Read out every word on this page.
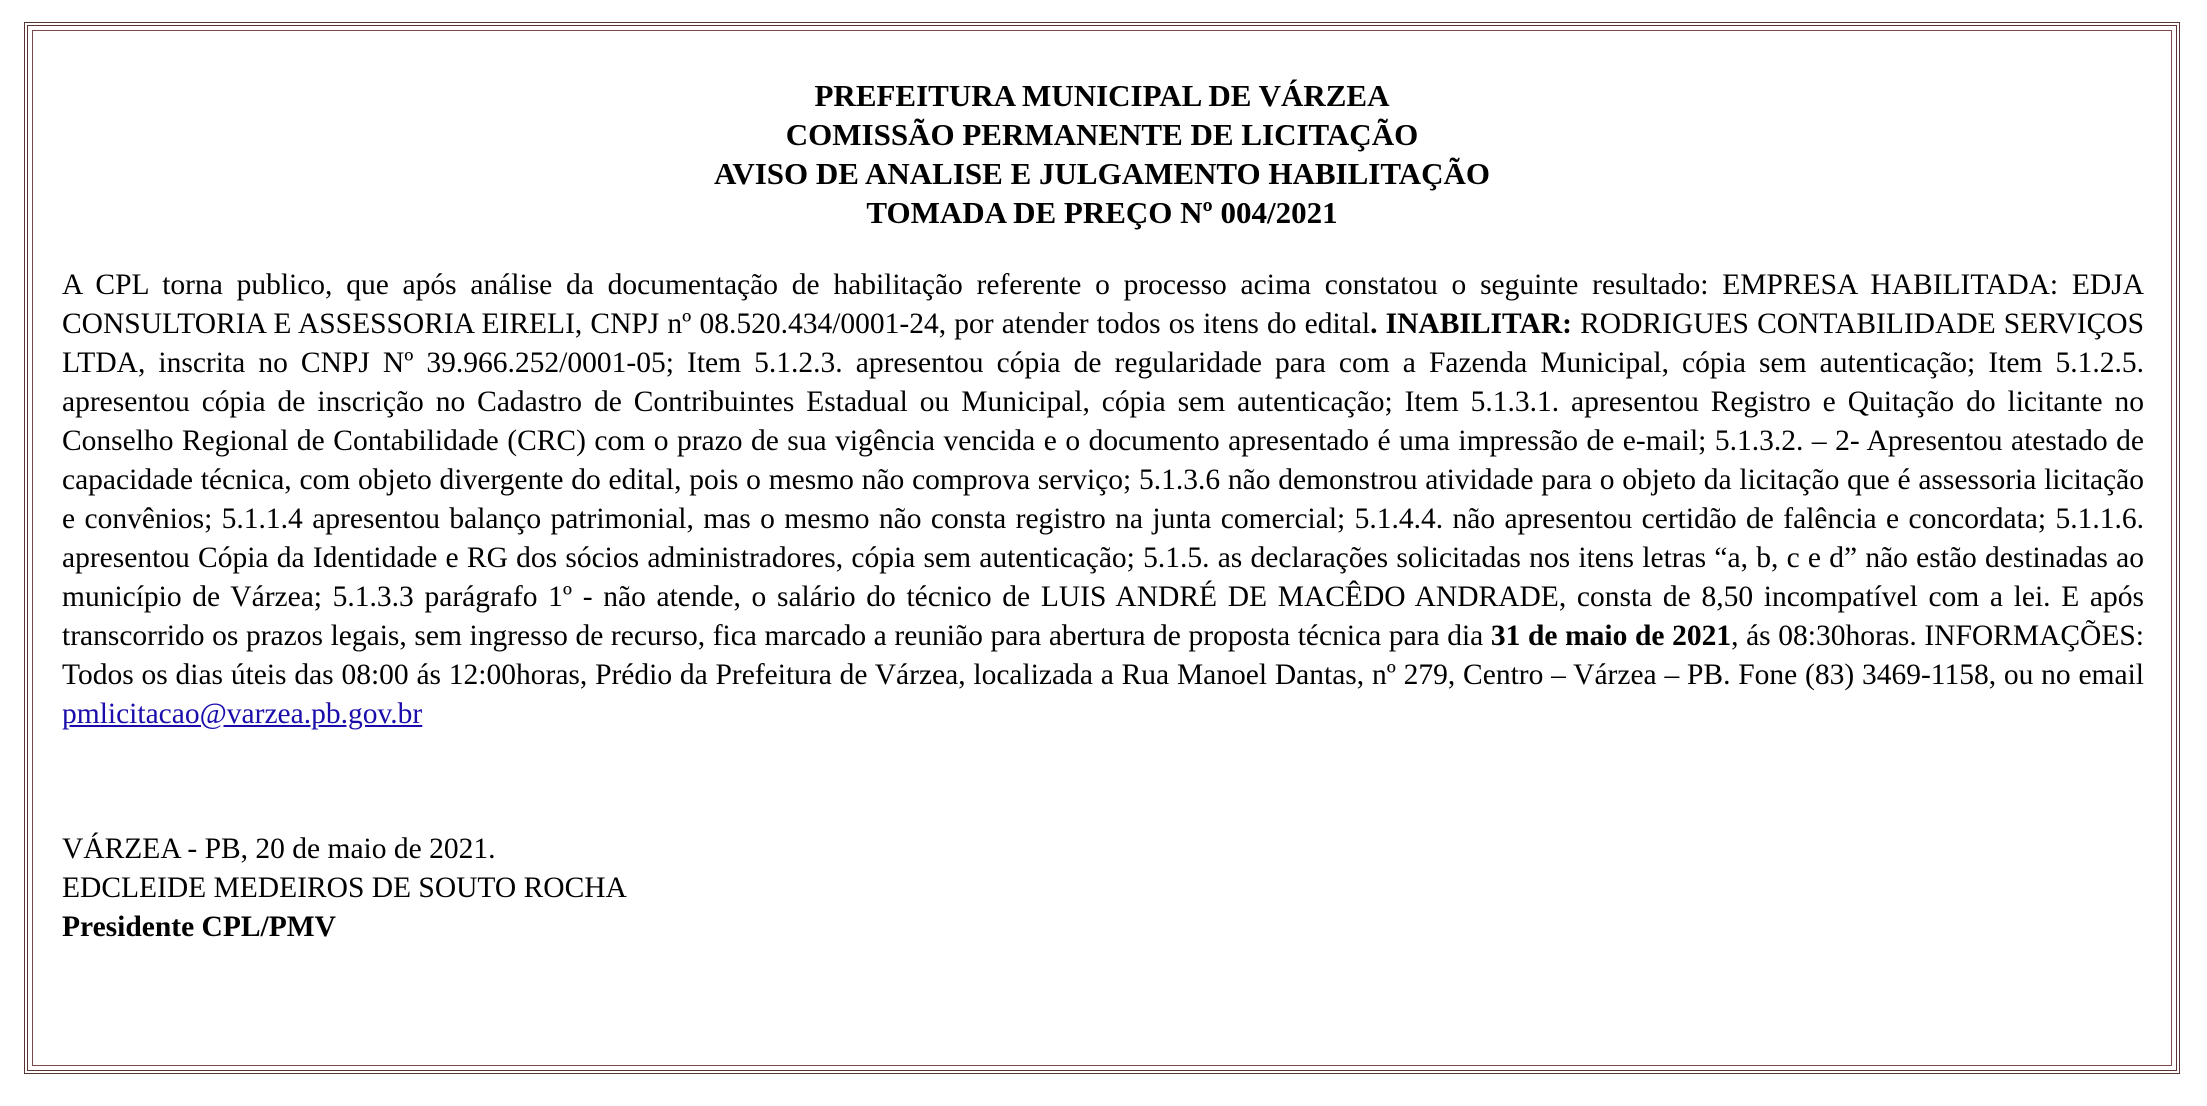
PREFEITURA MUNICIPAL DE VÁRZEA
COMISSÃO PERMANENTE DE LICITAÇÃO
AVISO DE ANALISE E JULGAMENTO HABILITAÇÃO
TOMADA DE PREÇO Nº 004/2021

A CPL torna publico, que após análise da documentação de habilitação referente o processo acima constatou o seguinte resultado: EMPRESA HABILITADA: EDJA CONSULTORIA E ASSESSORIA EIRELI, CNPJ nº 08.520.434/0001-24, por atender todos os itens do edital. INABILITAR: RODRIGUES CONTABILIDADE SERVIÇOS LTDA, inscrita no CNPJ Nº 39.966.252/0001-05; Item 5.1.2.3. apresentou cópia de regularidade para com a Fazenda Municipal, cópia sem autenticação; Item 5.1.2.5. apresentou cópia de inscrição no Cadastro de Contribuintes Estadual ou Municipal, cópia sem autenticação; Item 5.1.3.1. apresentou Registro e Quitação do licitante no Conselho Regional de Contabilidade (CRC) com o prazo de sua vigência vencida e o documento apresentado é uma impressão de e-mail; 5.1.3.2. – 2- Apresentou atestado de capacidade técnica, com objeto divergente do edital, pois o mesmo não comprova serviço; 5.1.3.6 não demonstrou atividade para o objeto da licitação que é assessoria licitação e convênios; 5.1.1.4 apresentou balanço patrimonial, mas o mesmo não consta registro na junta comercial; 5.1.4.4. não apresentou certidão de falência e concordata; 5.1.1.6. apresentou Cópia da Identidade e RG dos sócios administradores, cópia sem autenticação; 5.1.5. as declarações solicitadas nos itens letras “a, b, c e d” não estão destinadas ao município de Várzea; 5.1.3.3 parágrafo 1º - não atende, o salário do técnico de LUIS ANDRÉ DE MACÊDO ANDRADE, consta de 8,50 incompatível com a lei. E após transcorrido os prazos legais, sem ingresso de recurso, fica marcado a reunião para abertura de proposta técnica para dia 31 de maio de 2021, ás 08:30horas. INFORMAÇÕES: Todos os dias úteis das 08:00 ás 12:00horas, Prédio da Prefeitura de Várzea, localizada a Rua Manoel Dantas, nº 279, Centro – Várzea – PB. Fone (83) 3469-1158, ou no email pmlicitacao@varzea.pb.gov.br

VÁRZEA - PB, 20 de maio de 2021.
EDCLEIDE MEDEIROS DE SOUTO ROCHA
Presidente CPL/PMV
